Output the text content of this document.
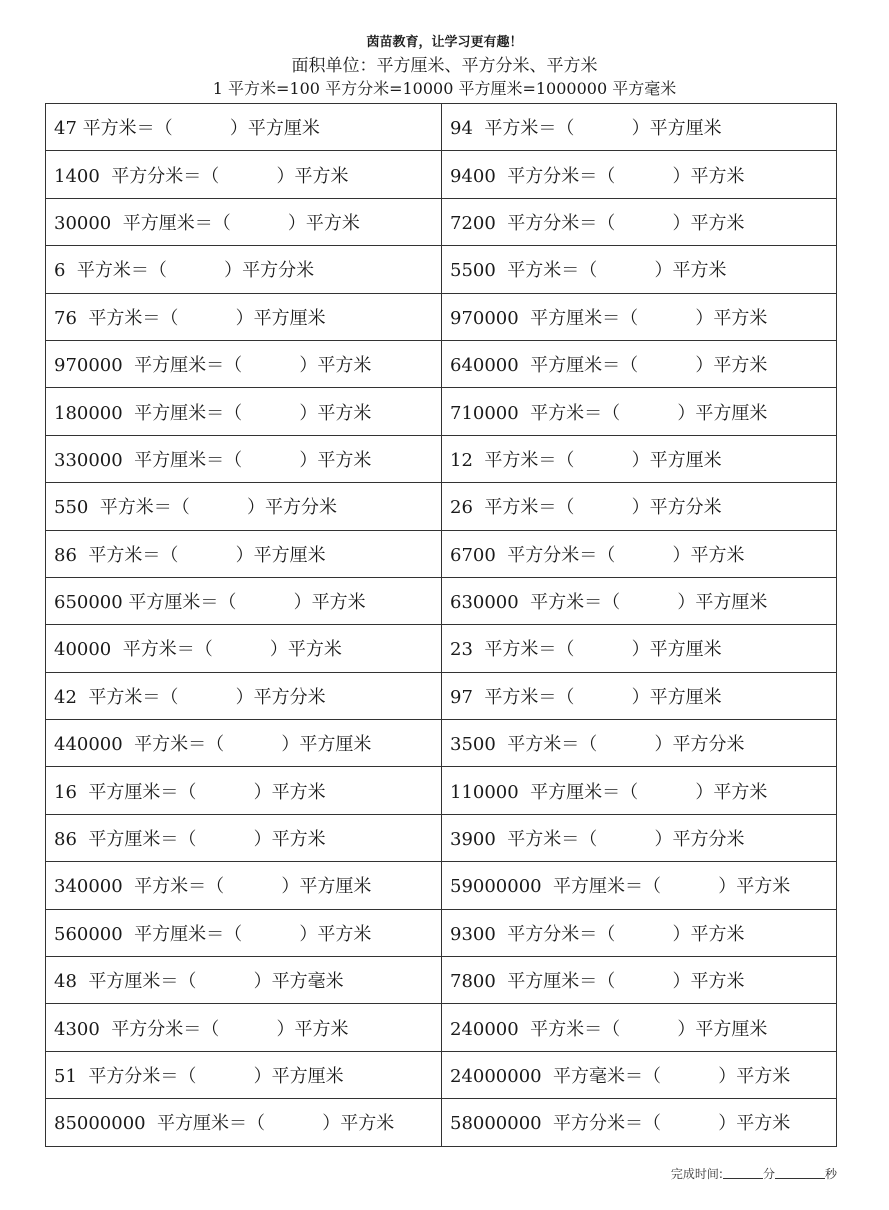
茵苗教育，让学习更有趣！
面积单位：平方厘米、平方分米、平方米
1 平方米=100 平方分米=10000 平方厘米=1000000 平方毫米
47 平方米＝（          ）平方厘米	94  平方米＝（          ）平方厘米
1400  平方分米＝（          ）平方米	9400  平方分米＝（          ）平方米
30000  平方厘米＝（          ）平方米	7200  平方分米＝（          ）平方米
6  平方米＝（          ）平方分米	5500  平方米＝（          ）平方米
76  平方米＝（          ）平方厘米	970000  平方厘米＝（          ）平方米
970000  平方厘米＝（          ）平方米	640000  平方厘米＝（          ）平方米
180000  平方厘米＝（          ）平方米	710000  平方米＝（          ）平方厘米
330000  平方厘米＝（          ）平方米	12  平方米＝（          ）平方厘米
550  平方米＝（          ）平方分米	26  平方米＝（          ）平方分米
86  平方米＝（          ）平方厘米	6700  平方分米＝（          ）平方米
650000 平方厘米＝（          ）平方米	630000  平方米＝（          ）平方厘米
40000  平方米＝（          ）平方米	23  平方米＝（          ）平方厘米
42  平方米＝（          ）平方分米	97  平方米＝（          ）平方厘米
440000  平方米＝（          ）平方厘米	3500  平方米＝（          ）平方分米
16  平方厘米＝（          ）平方米	110000  平方厘米＝（          ）平方米
86  平方厘米＝（          ）平方米	3900  平方米＝（          ）平方分米
340000  平方米＝（          ）平方厘米	59000000  平方厘米＝（          ）平方米
560000  平方厘米＝（          ）平方米	9300  平方分米＝（          ）平方米
48  平方厘米＝（          ）平方毫米	7800  平方厘米＝（          ）平方米
4300  平方分米＝（          ）平方米	240000  平方米＝（          ）平方厘米
51  平方分米＝（          ）平方厘米	24000000  平方毫米＝（          ）平方米
85000000  平方厘米＝（          ）平方米	58000000  平方分米＝（          ）平方米
完成时间:	分	秒
